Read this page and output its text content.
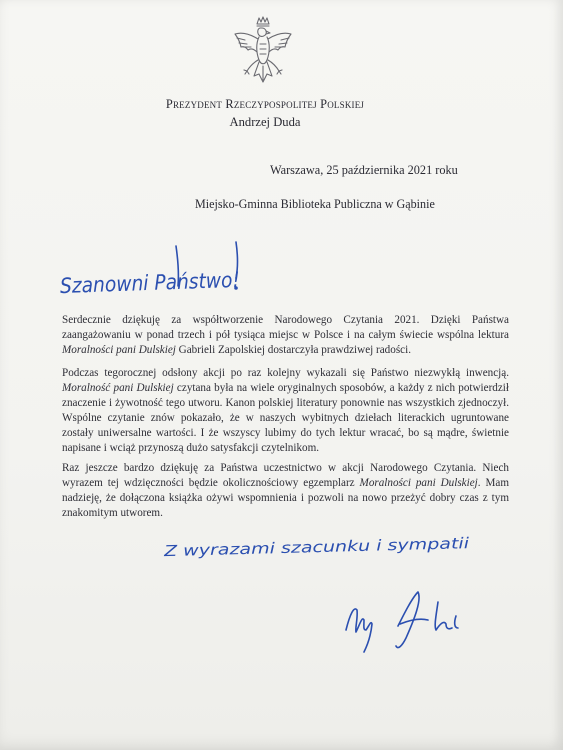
Prezydent Rzeczypospolitej Polskiej
Andrzej Duda
Warszawa, 25 października 2021 roku
Miejsko-Gminna Biblioteka Publiczna w Gąbinie
Szanowni Państwo!
Serdecznie dziękuję za współtworzenie Narodowego Czytania 2021. Dzięki Państwa zaangażowaniu w ponad trzech i pół tysiąca miejsc w Polsce i na całym świecie wspólna lektura Moralności pani Dulskiej Gabrieli Zapolskiej dostarczyła prawdziwej radości.
Podczas tegorocznej odsłony akcji po raz kolejny wykazali się Państwo niezwykłą inwencją. Moralność pani Dulskiej czytana była na wiele oryginalnych sposobów, a każdy z nich potwierdził znaczenie i żywotność tego utworu. Kanon polskiej literatury ponownie nas wszystkich zjednoczył. Wspólne czytanie znów pokazało, że w naszych wybitnych dziełach literackich ugruntowane zostały uniwersalne wartości. I że wszyscy lubimy do tych lektur wracać, bo są mądre, świetnie napisane i wciąż przynoszą dużo satysfakcji czytelnikom.
Raz jeszcze bardzo dziękuję za Państwa uczestnictwo w akcji Narodowego Czytania. Niech wyrazem tej wdzięczności będzie okolicznościowy egzemplarz Moralności pani Dulskiej. Mam nadzieję, że dołączona książka ożywi wspomnienia i pozwoli na nowo przeżyć dobry czas z tym znakomitym utworem.
Z wyrazami szacunku i sympatii
